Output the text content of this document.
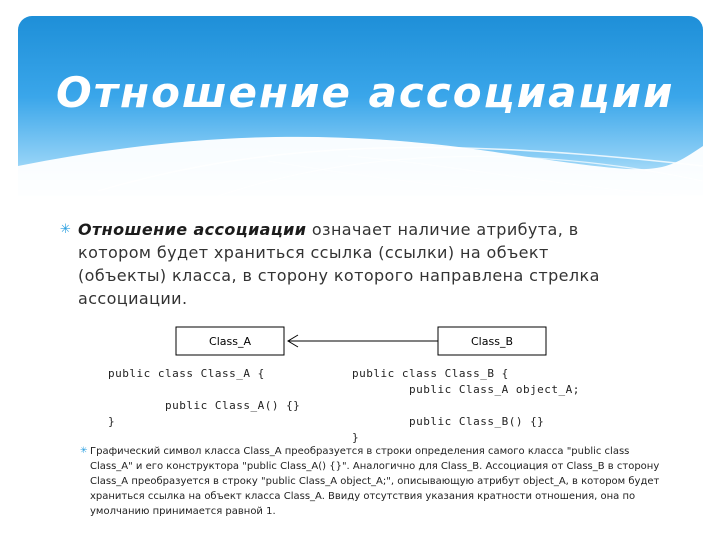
Отношение ассоциации
✳ Отношение ассоциации означает наличие атрибута, в котором будет храниться ссылка (ссылки) на объект (объекты) класса, в сторону которого направлена стрелка ассоциации.
Class_A	Class_B
public class Class_A {

public Class_A() {}
}
public class Class_B {
public Class_A object_A;

public Class_B() {}
}
✳ Графический символ класса Class_A преобразуется в строки определения самого класса "public class Class_A" и его конструктора "public Class_A() {}". Аналогично для Class_B. Ассоциация от Class_B в сторону Class_A преобразуется в строку "public Class_A object_A;", описывающую атрибут object_A, в котором будет храниться ссылка на объект класса Class_A. Ввиду отсутствия указания кратности отношения, она по умолчанию принимается равной 1.
